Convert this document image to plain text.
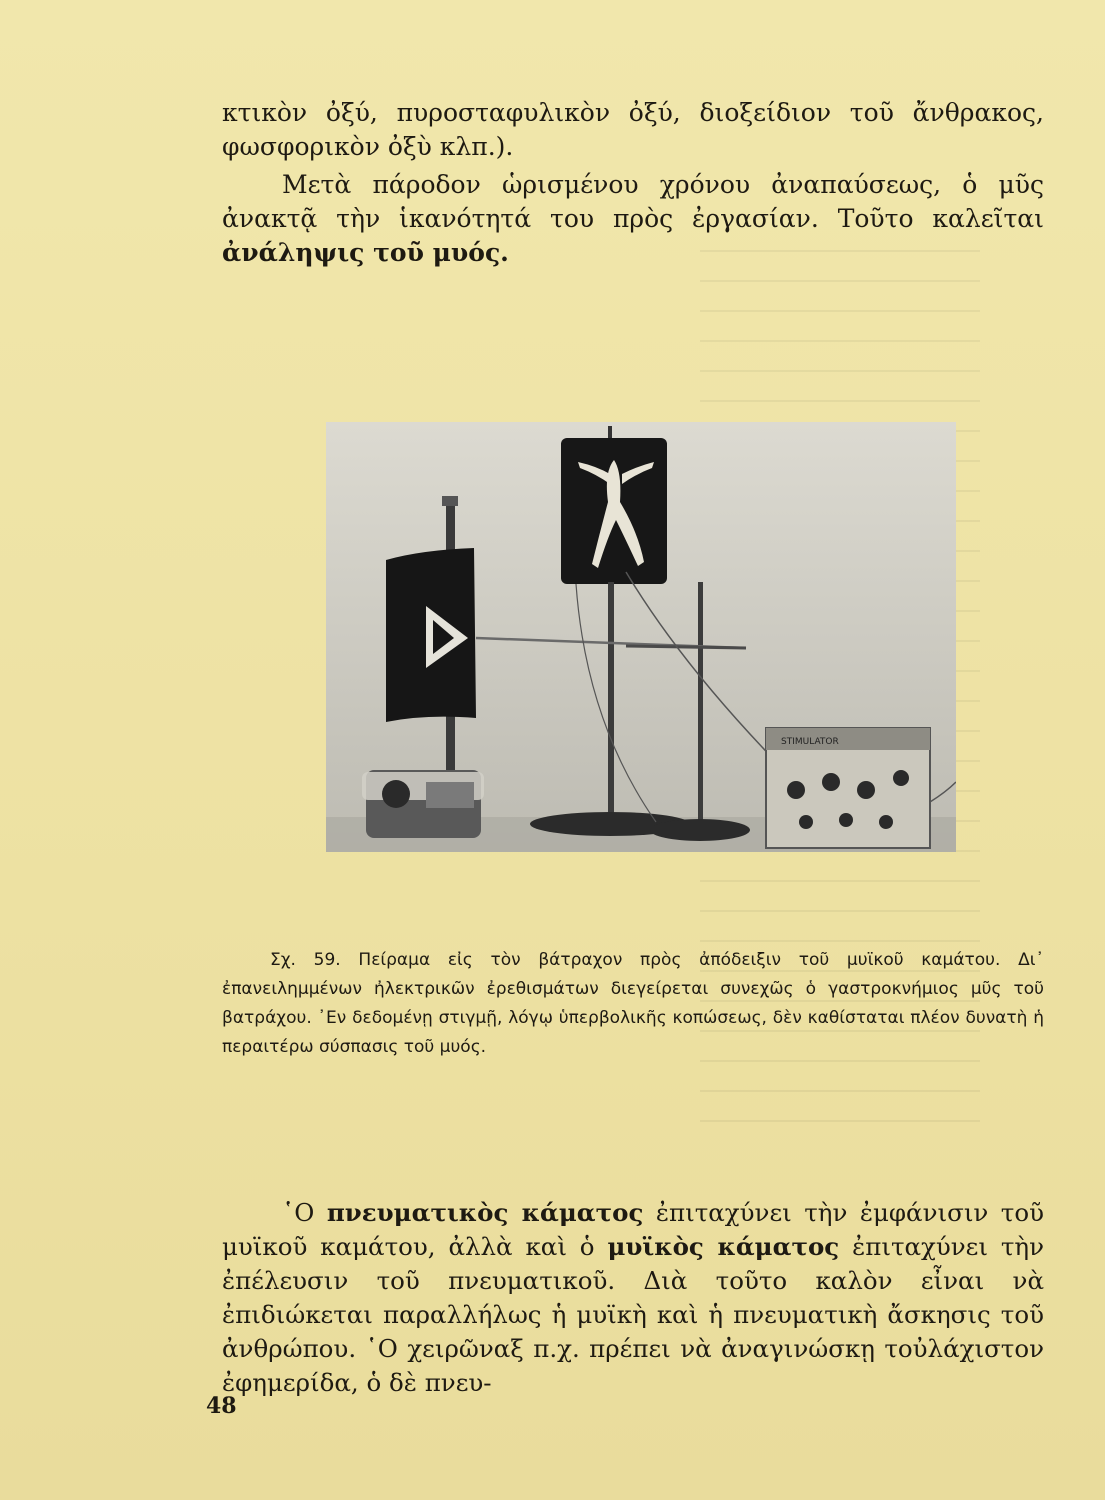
κτικὸν ὀξύ, πυροσταφυλικὸν ὀξύ, διοξείδιον τοῦ ἄνθρακος, φωσφορικὸν ὀξὺ κλπ.).

Μετὰ πάροδον ὡρισμένου χρόνου ἀναπαύσεως, ὁ μῦς ἀνακτᾷ τὴν ἱκανότητά του πρὸς ἐργασίαν. Τοῦτο καλεῖται ἀνάληψις τοῦ μυός.

STIMULATOR

Σχ. 59. Πείραμα εἰς τὸν βάτραχον πρὸς ἀπόδειξιν τοῦ μυϊκοῦ καμάτου. Δι᾿ ἐπανειλημμένων ἠλεκτρικῶν ἐρεθισμάτων διεγείρεται συνεχῶς ὁ γαστροκνήμιος μῦς τοῦ βατράχου. ᾿Εν δεδομένῃ στιγμῇ, λόγῳ ὑπερβολικῆς κοπώσεως, δὲν καθίσταται πλέον δυνατὴ ἡ περαιτέρω σύσπασις τοῦ μυός.

῾Ο πνευματικὸς κάματος ἐπιταχύνει τὴν ἐμφάνισιν τοῦ μυϊκοῦ καμάτου, ἀλλὰ καὶ ὁ μυϊκὸς κάματος ἐπιταχύνει τὴν ἐπέλευσιν τοῦ πνευματικοῦ. Διὰ τοῦτο καλὸν εἶναι νὰ ἐπιδιώκεται παραλλήλως ἡ μυϊκὴ καὶ ἡ πνευματικὴ ἄσκησις τοῦ ἀνθρώπου. ῾Ο χειρῶναξ π.χ. πρέπει νὰ ἀναγινώσκῃ τοὐλάχιστον ἐφημερίδα, ὁ δὲ πνευ-

48
